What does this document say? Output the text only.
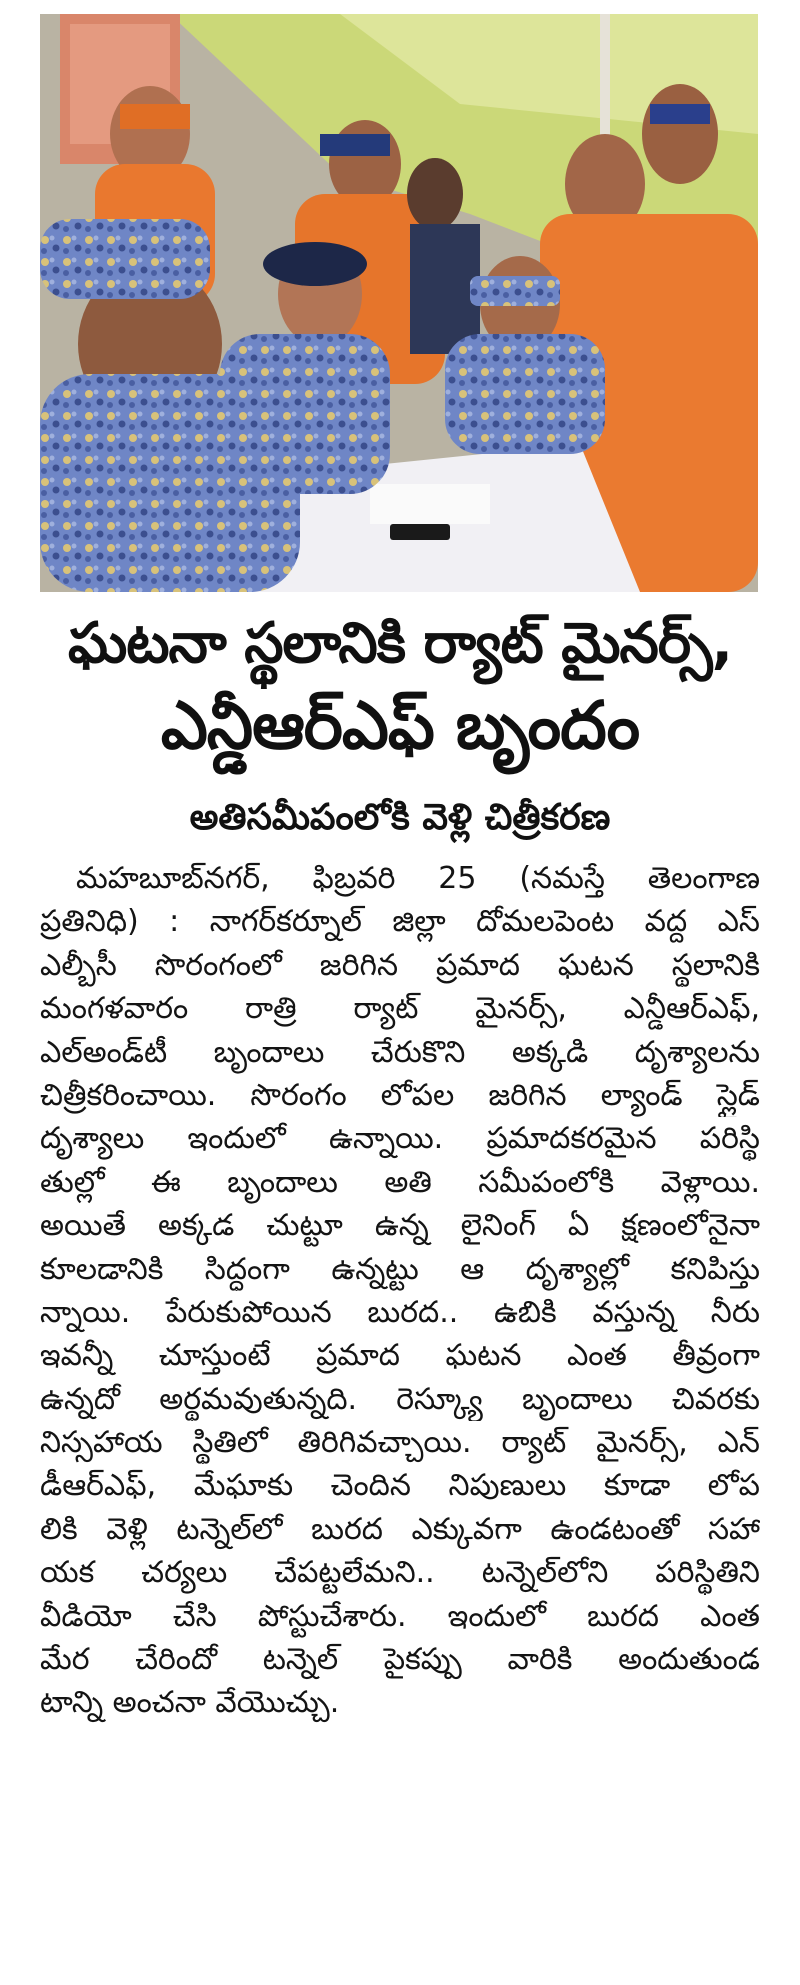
ఘటనా స్థలానికి ర్యాట్ మైనర్స్,
ఎన్డీఆర్ఎఫ్ బృందం
అతిసమీపంలోకి వెళ్లి చిత్రీకరణ
మహబూబ్‌నగర్, ఫిబ్రవరి 25 (నమస్తే తెలంగాణ
ప్రతినిధి) : నాగర్‌కర్నూల్ జిల్లా దోమలపెంట వద్ద ఎస్
ఎల్బీసీ సొరంగంలో జరిగిన ప్రమాద ఘటన స్థలానికి
మంగళవారం రాత్రి ర్యాట్ మైనర్స్, ఎన్డీఆర్ఎఫ్,
ఎల్అండ్‌టీ బృందాలు చేరుకొని అక్కడి దృశ్యాలను
చిత్రీకరించాయి. సొరంగం లోపల జరిగిన ల్యాండ్ స్లైడ్
దృశ్యాలు ఇందులో ఉన్నాయి. ప్రమాదకరమైన పరిస్థి
తుల్లో ఈ బృందాలు అతి సమీపంలోకి వెళ్లాయి.
అయితే అక్కడ చుట్టూ ఉన్న లైనింగ్ ఏ క్షణంలోనైనా
కూలడానికి సిద్ధంగా ఉన్నట్టు ఆ దృశ్యాల్లో కనిపిస్తు
న్నాయి. పేరుకుపోయిన బురద.. ఉబికి వస్తున్న నీరు
ఇవన్నీ చూస్తుంటే ప్రమాద ఘటన ఎంత తీవ్రంగా
ఉన్నదో అర్థమవుతున్నది. రెస్క్యూ బృందాలు చివరకు
నిస్సహాయ స్థితిలో తిరిగివచ్చాయి. ర్యాట్ మైనర్స్, ఎన్
డీఆర్ఎఫ్, మేఘాకు చెందిన నిపుణులు కూడా లోప
లికి వెళ్లి టన్నెల్‌లో బురద ఎక్కువగా ఉండటంతో సహా
యక చర్యలు చేపట్టలేమని.. టన్నెల్‌లోని పరిస్థితిని
వీడియో చేసి పోస్టుచేశారు. ఇందులో బురద ఎంత
మేర చేరిందో టన్నెల్ పైకప్పు వారికి అందుతుండ
టాన్ని అంచనా వేయొచ్చు.
